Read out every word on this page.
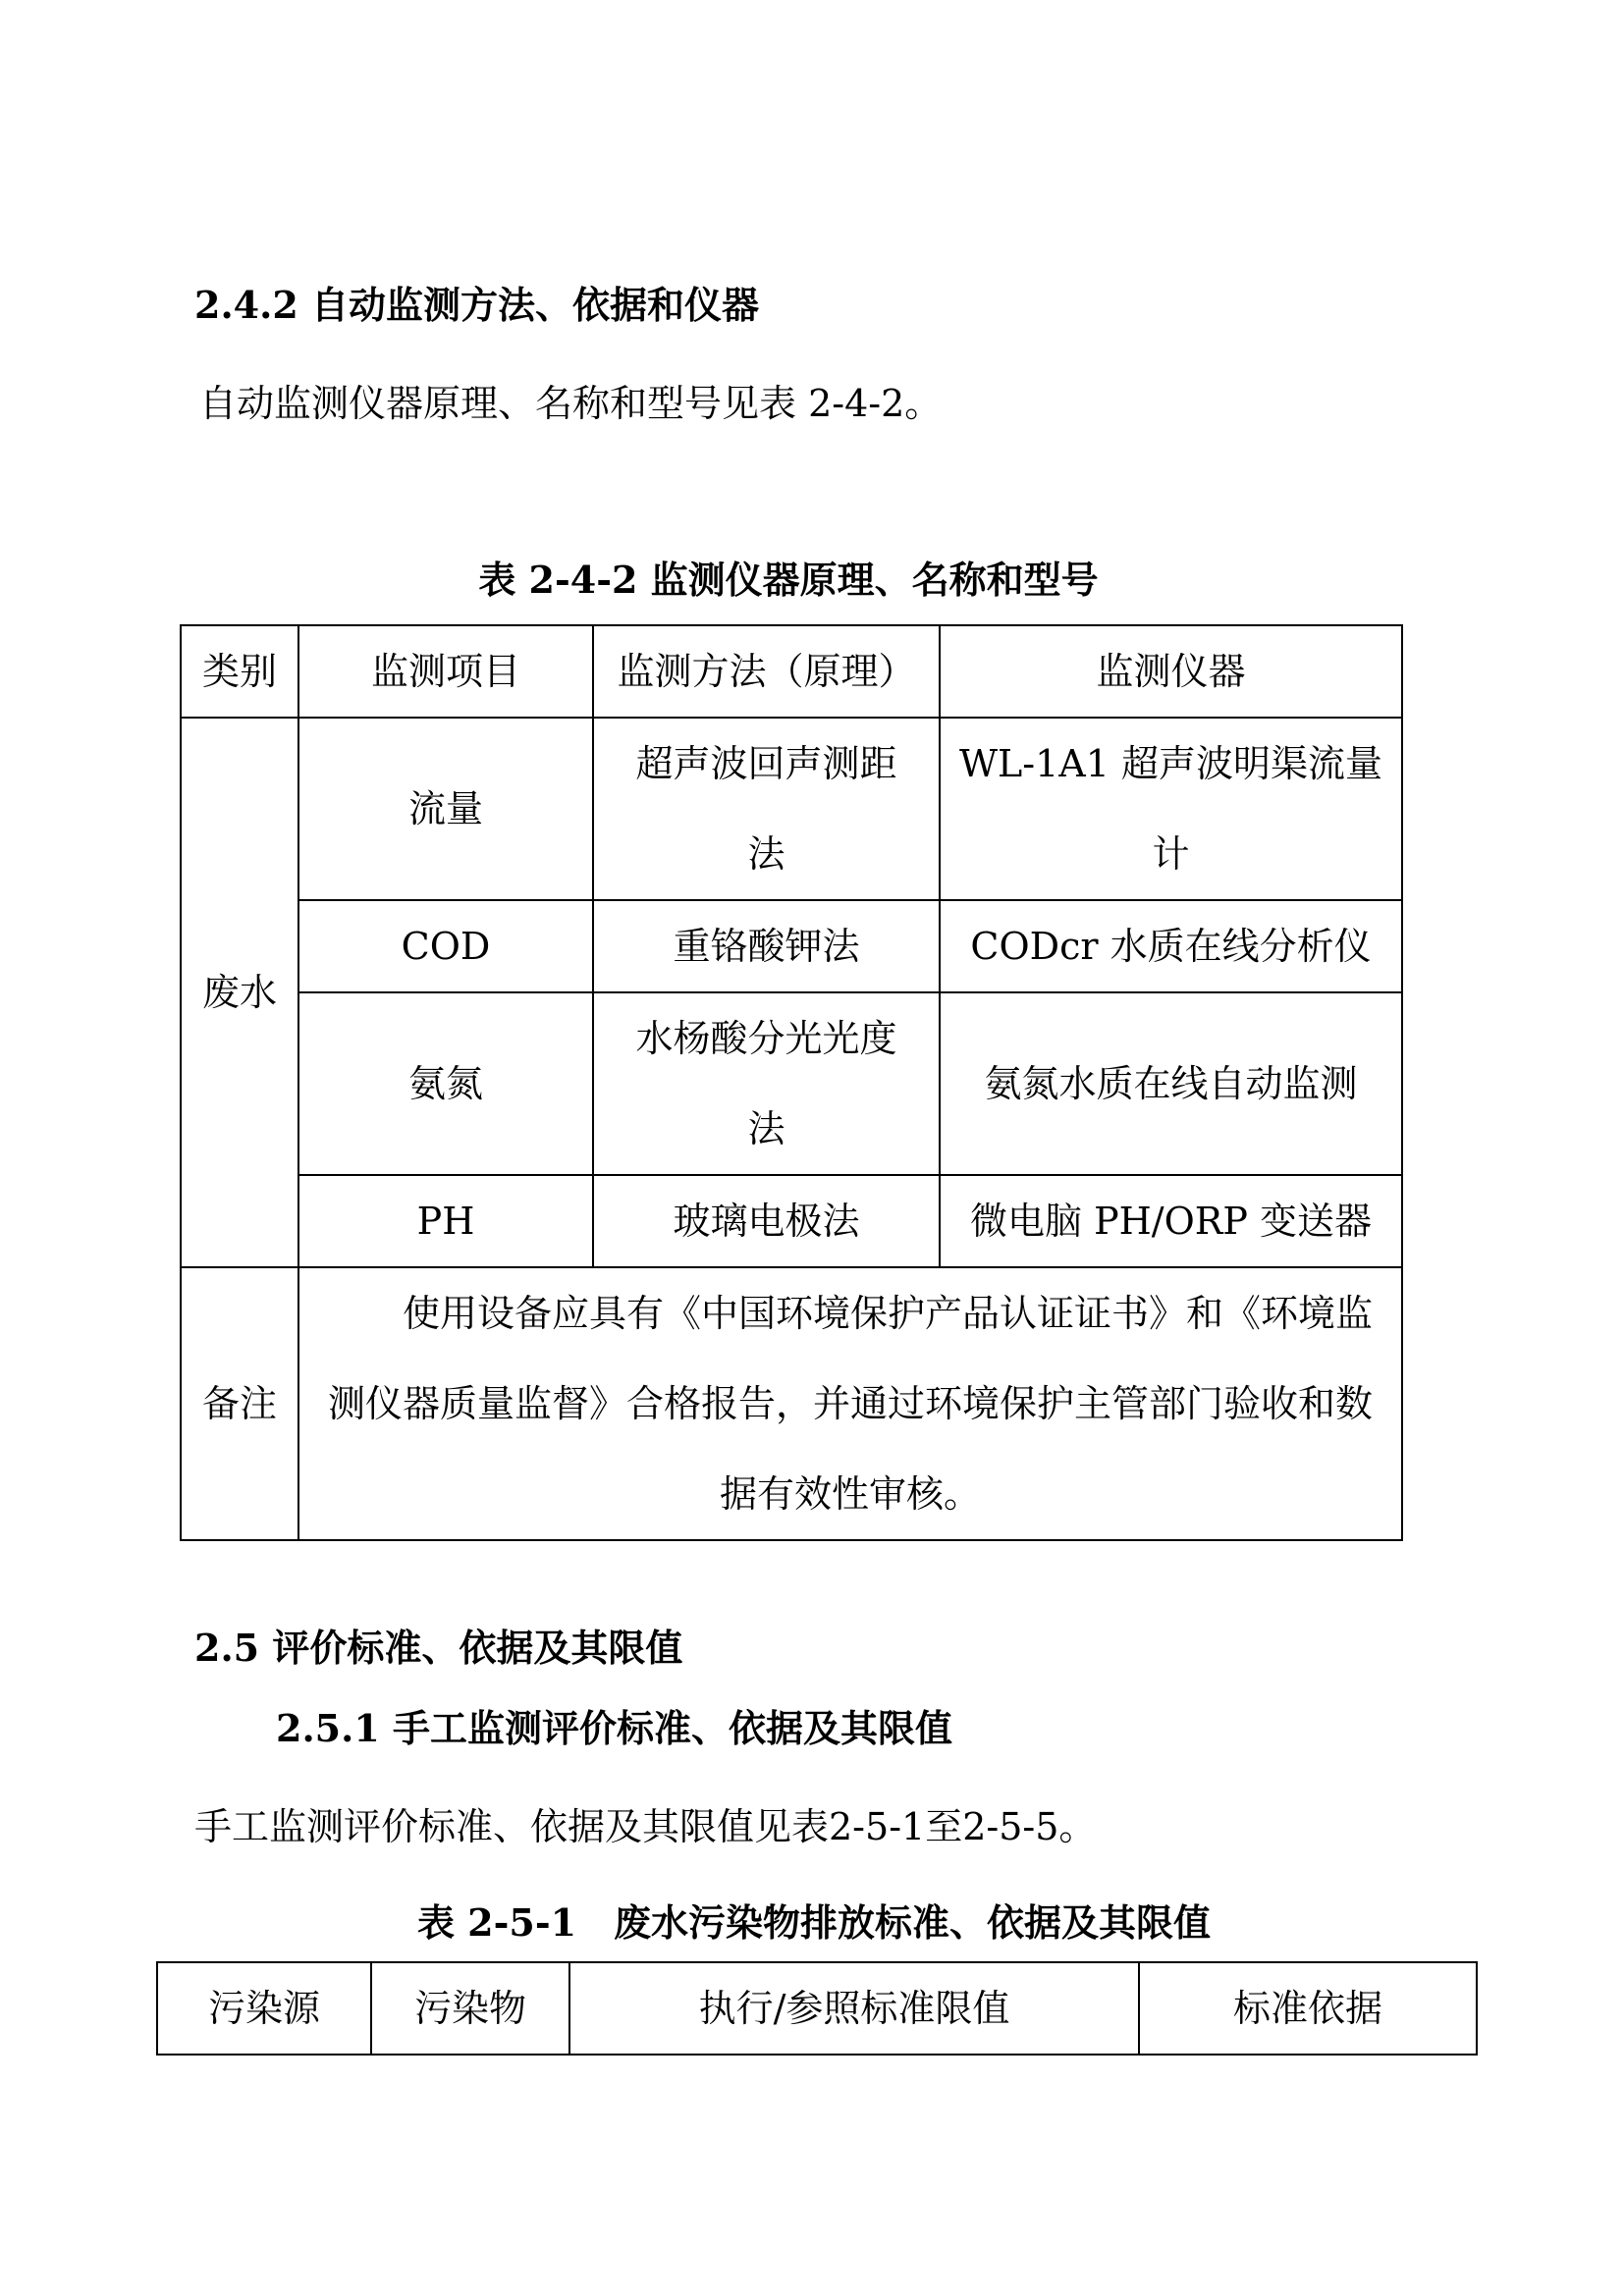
2.4.2 自动监测方法、依据和仪器

自动监测仪器原理、名称和型号见表 2-4-2。

表 2-4-2 监测仪器原理、名称和型号
类别	监测项目	监测方法（原理）	监测仪器
废水	流量	超声波回声测距法	WL-1A1 超声波明渠流量计
	COD	重铬酸钾法	CODcr 水质在线分析仪
	氨氮	水杨酸分光光度法	氨氮水质在线自动监测
	PH	玻璃电极法	微电脑 PH/ORP 变送器
备注	使用设备应具有《中国环境保护产品认证证书》和《环境监测仪器质量监督》合格报告，并通过环境保护主管部门验收和数据有效性审核。		
2.5 评价标准、依据及其限值
2.5.1 手工监测评价标准、依据及其限值

手工监测评价标准、依据及其限值见表2-5-1至2-5-5。

表 2-5-1　废水污染物排放标准、依据及其限值
污染源	污染物	执行/参照标准限值	标准依据
